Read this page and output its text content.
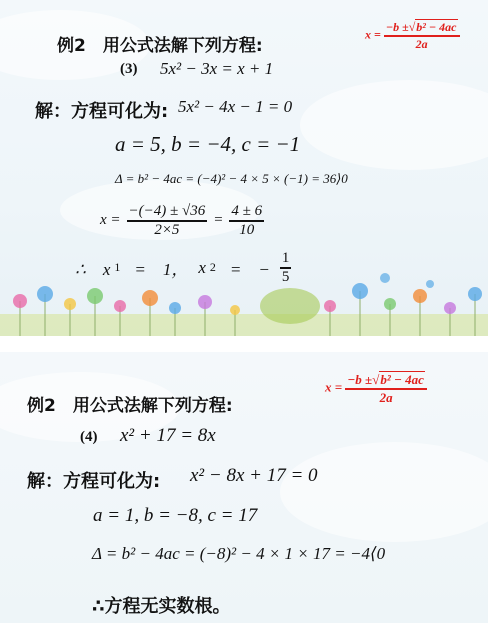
例2　用公式法解下列方程:
$x = \frac{\text{−b ±√b² − 4ac}}{2a}$
(3) 5x² − 3x = x + 1
解：方程可化为: 5x² − 4x − 1 = 0
a = 5, b = −4, c = −1
Δ = b² − 4ac = (−4)² − 4 × 5 × (−1) = 36⟩0
$x = \frac{-(-4) \pm √36}{2\times 5} = \frac{4 \pm 6}{10}$
∴　x 1 =　1， x 2 =　− $\frac{1}{5}$
例2　用公式法解下列方程:
$x = \frac{\text{−b ±√b² − 4ac}}{2a}$
(4) x² + 17 = 8x
解：方程可化为: x² − 8x + 17 = 0
a = 1, b = −8, c = 17
Δ = b² − 4ac = (−8)² − 4 × 1 × 17 = −4⟨0
∴方程无实数根。
